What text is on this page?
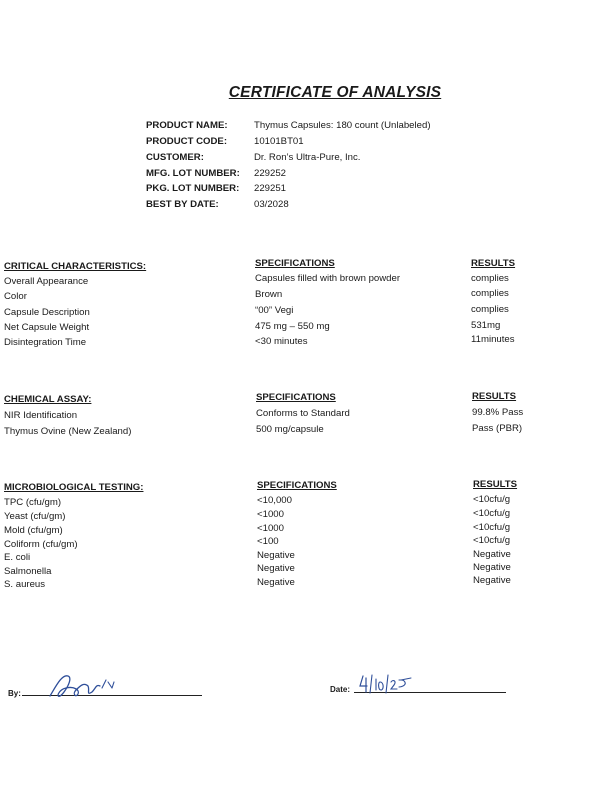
CERTIFICATE OF ANALYSIS
PRODUCT NAME:	Thymus Capsules: 180 count (Unlabeled)
PRODUCT CODE:	10101BT01
CUSTOMER:	Dr. Ron’s Ultra-Pure, Inc.
MFG. LOT NUMBER: 229252
PKG. LOT NUMBER: 229251
BEST BY DATE:	03/2028
CRITICAL CHARACTERISTICS:	SPECIFICATIONS	RESULTS
Overall Appearance	Capsules filled with brown powder	complies
Color	Brown	complies
Capsule Description	“00” Vegi	complies
Net Capsule Weight	475 mg – 550 mg	531mg
Disintegration Time	<30 minutes	11minutes
CHEMICAL ASSAY:	SPECIFICATIONS	RESULTS
NIR Identification	Conforms to Standard	99.8% Pass
Thymus Ovine (New Zealand)	500 mg/capsule	Pass (PBR)
MICROBIOLOGICAL TESTING:	SPECIFICATIONS	RESULTS
TPC (cfu/gm)	<10,000	<10cfu/g
Yeast (cfu/gm)	<1000	<10cfu/g
Mold (cfu/gm)	<1000	<10cfu/g
Coliform (cfu/gm)	<100	<10cfu/g
E. coli	Negative	Negative
Salmonella	Negative	Negative
S. aureus	Negative	Negative
By:	Date:
